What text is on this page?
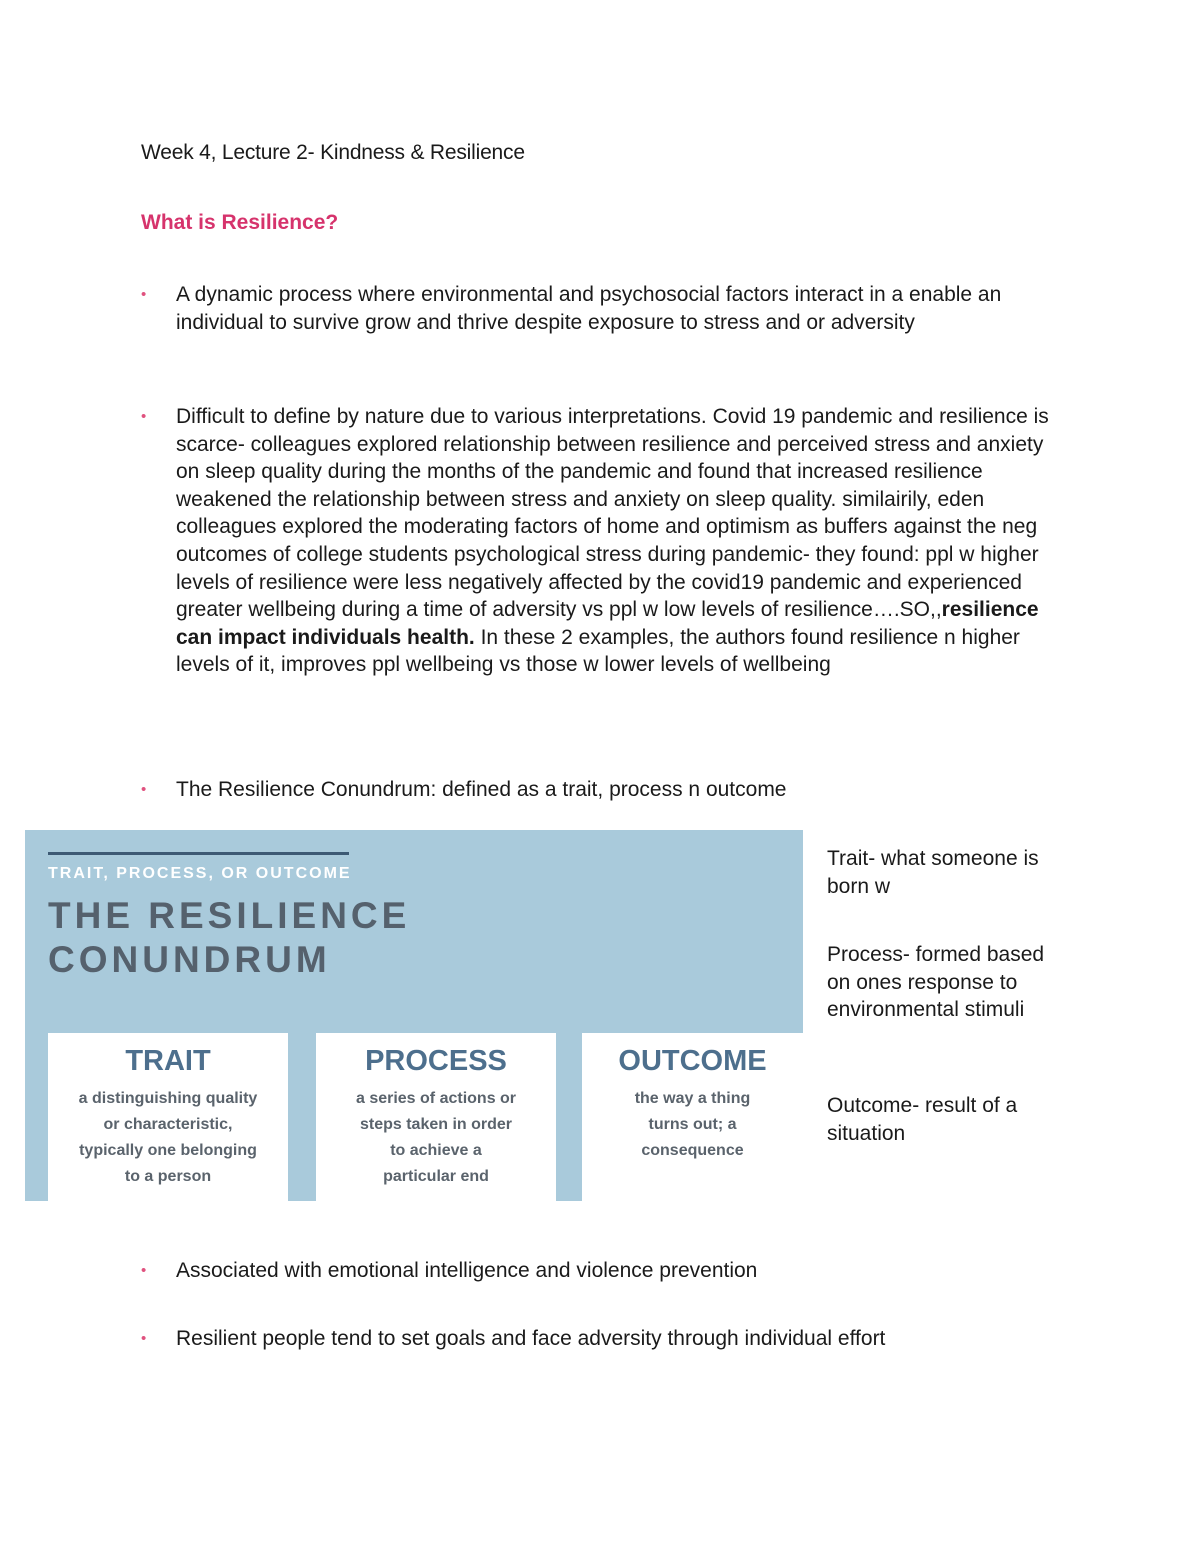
Week 4, Lecture 2- Kindness & Resilience
What is Resilience?
• A dynamic process where environmental and psychosocial factors interact in a enable an individual to survive grow and thrive despite exposure to stress and or adversity
• Difficult to define by nature due to various interpretations. Covid 19 pandemic and resilience is scarce- colleagues explored relationship between resilience and perceived stress and anxiety on sleep quality during the months of the pandemic and found that increased resilience weakened the relationship between stress and anxiety on sleep quality. similairily, eden colleagues explored the moderating factors of home and optimism as buffers against the neg outcomes of college students psychological stress during pandemic- they found: ppl w higher levels of resilience were less negatively affected by the covid19 pandemic and experienced greater wellbeing during a time of adversity vs ppl w low levels of resilience….SO,,resilience can impact individuals health. In these 2 examples, the authors found resilience n higher levels of it, improves ppl wellbeing vs those w lower levels of wellbeing
• The Resilience Conundrum: defined as a trait, process n outcome
TRAIT, PROCESS, OR OUTCOME
THE RESILIENCE
CONUNDRUM
TRAIT
a distinguishing quality
or characteristic,
typically one belonging
to a person
PROCESS
a series of actions or
steps taken in order
to achieve a
particular end
OUTCOME
the way a thing
turns out; a
consequence
Trait- what someone is born w
Process- formed based on ones response to environmental stimuli
Outcome- result of a situation
• Associated with emotional intelligence and violence prevention
• Resilient people tend to set goals and face adversity through individual effort
